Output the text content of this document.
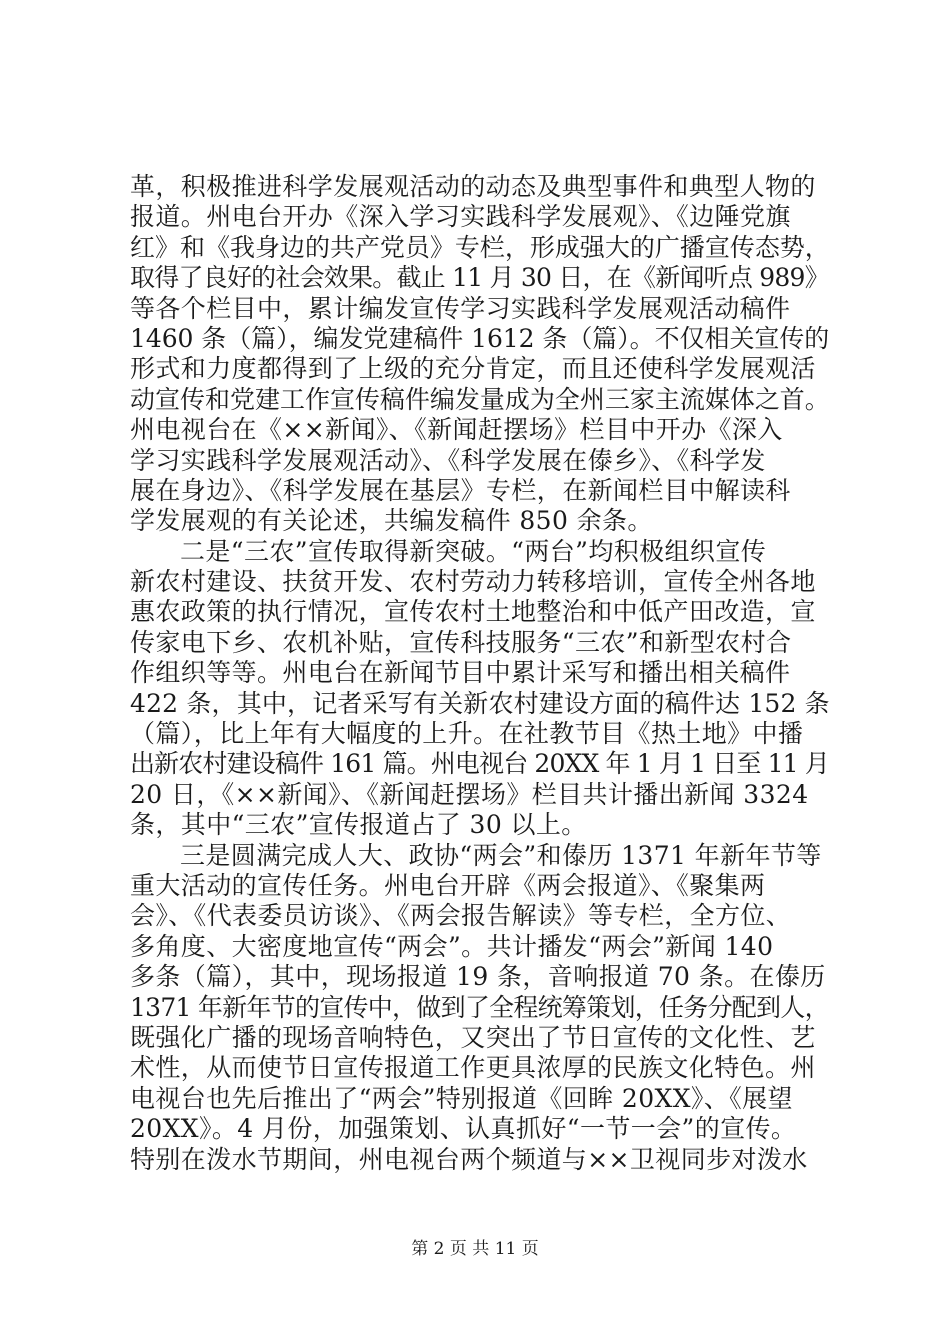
革，积极推进科学发展观活动的动态及典型事件和典型人物的
报道。州电台开办《深入学习实践科学发展观》、《边陲党旗
红》和《我身边的共产党员》专栏，形成强大的广播宣传态势，
取得了良好的社会效果。截止 11 月 30 日，在《新闻听点 989》
等各个栏目中，累计编发宣传学习实践科学发展观活动稿件
1460 条（篇），编发党建稿件 1612 条（篇）。不仅相关宣传的
形式和力度都得到了上级的充分肯定，而且还使科学发展观活
动宣传和党建工作宣传稿件编发量成为全州三家主流媒体之首。
州电视台在《××新闻》、《新闻赶摆场》栏目中开办《深入
学习实践科学发展观活动》、《科学发展在傣乡》、《科学发
展在身边》、《科学发展在基层》专栏，在新闻栏目中解读科
学发展观的有关论述，共编发稿件 850 余条。
二是“三农”宣传取得新突破。“两台”均积极组织宣传
新农村建设、扶贫开发、农村劳动力转移培训，宣传全州各地
惠农政策的执行情况，宣传农村土地整治和中低产田改造，宣
传家电下乡、农机补贴，宣传科技服务“三农”和新型农村合
作组织等等。州电台在新闻节目中累计采写和播出相关稿件
422 条，其中，记者采写有关新农村建设方面的稿件达 152 条
（篇），比上年有大幅度的上升。在社教节目《热土地》中播
出新农村建设稿件 161 篇。州电视台 20XX 年 1 月 1 日至 11 月
20 日，《××新闻》、《新闻赶摆场》栏目共计播出新闻 3324
条，其中“三农”宣传报道占了 30 以上。
三是圆满完成人大、政协“两会”和傣历 1371 年新年节等
重大活动的宣传任务。州电台开辟《两会报道》、《聚集两
会》、《代表委员访谈》、《两会报告解读》等专栏，全方位、
多角度、大密度地宣传“两会”。共计播发“两会”新闻 140
多条（篇），其中，现场报道 19 条，音响报道 70 条。在傣历
1371 年新年节的宣传中，做到了全程统筹策划，任务分配到人，
既强化广播的现场音响特色，又突出了节日宣传的文化性、艺
术性，从而使节日宣传报道工作更具浓厚的民族文化特色。州
电视台也先后推出了“两会”特别报道《回眸 20XX》、《展望
20XX》。4 月份，加强策划、认真抓好“一节一会”的宣传。
特别在泼水节期间，州电视台两个频道与××卫视同步对泼水
第 2 页 共 11 页
